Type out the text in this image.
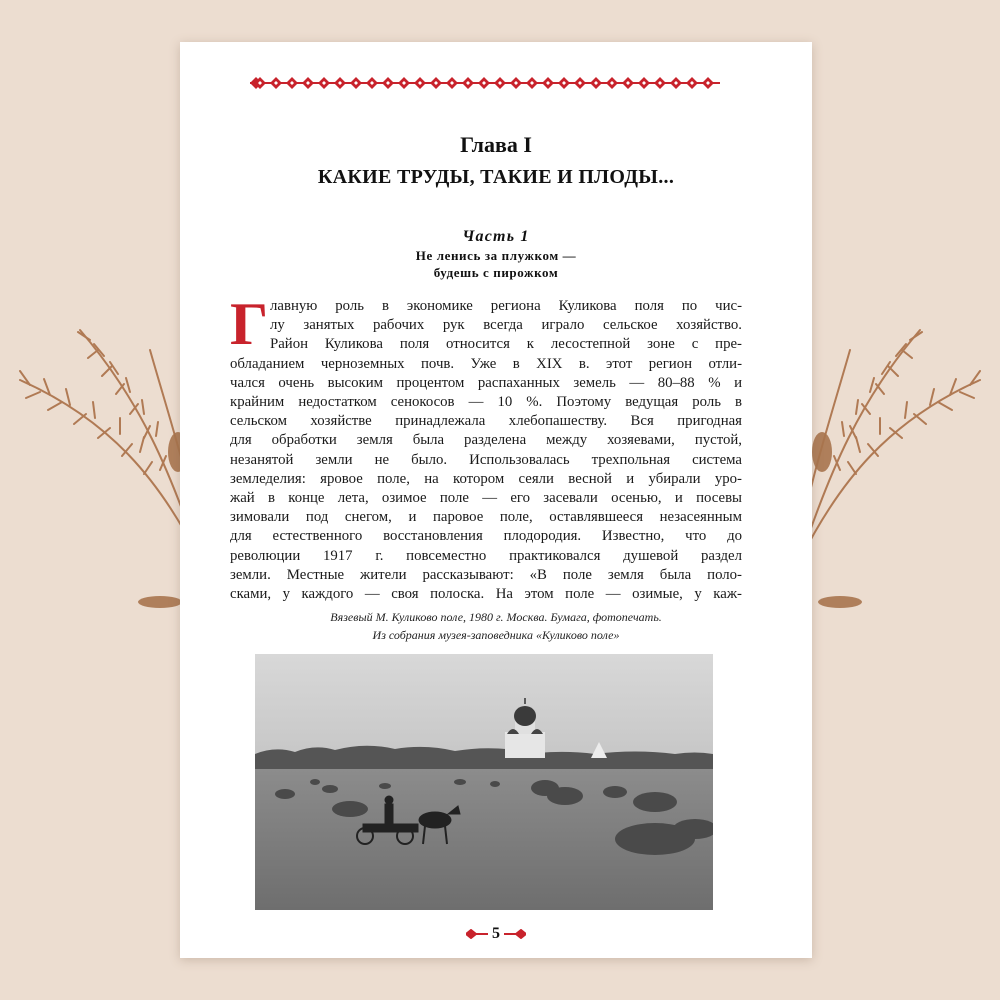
Глава I
КАКИЕ ТРУДЫ, ТАКИЕ И ПЛОДЫ...
Часть 1
Не ленись за плужком —
будешь с пирожком
Г лавную роль в экономике региона Куликова поля по чис-
лу занятых рабочих рук всегда играло сельское хозяйство.
Район Куликова поля относится к лесостепной зоне с пре-
обладанием черноземных почв. Уже в XIX в. этот регион отли-
чался очень высоким процентом распаханных земель — 80–88 % и
крайним недостатком сенокосов — 10 %. Поэтому ведущая роль в
сельском хозяйстве принадлежала хлебопашеству. Вся пригодная
для обработки земля была разделена между хозяевами, пустой,
незанятой земли не было. Использовалась трехпольная система
земледелия: яровое поле, на котором сеяли весной и убирали уро-
жай в конце лета, озимое поле — его засевали осенью, и посевы
зимовали под снегом, и паровое поле, оставлявшееся незасеянным
для естественного восстановления плодородия. Известно, что до
революции 1917 г. повсеместно практиковался душевой раздел
земли. Местные жители рассказывают: «В поле земля была поло-
сками, у каждого — своя полоска. На этом поле — озимые, у каж-
Вязевый М. Куликово поле, 1980 г. Москва. Бумага, фотопечать.
Из собрания музея-заповедника «Куликово поле»
5
